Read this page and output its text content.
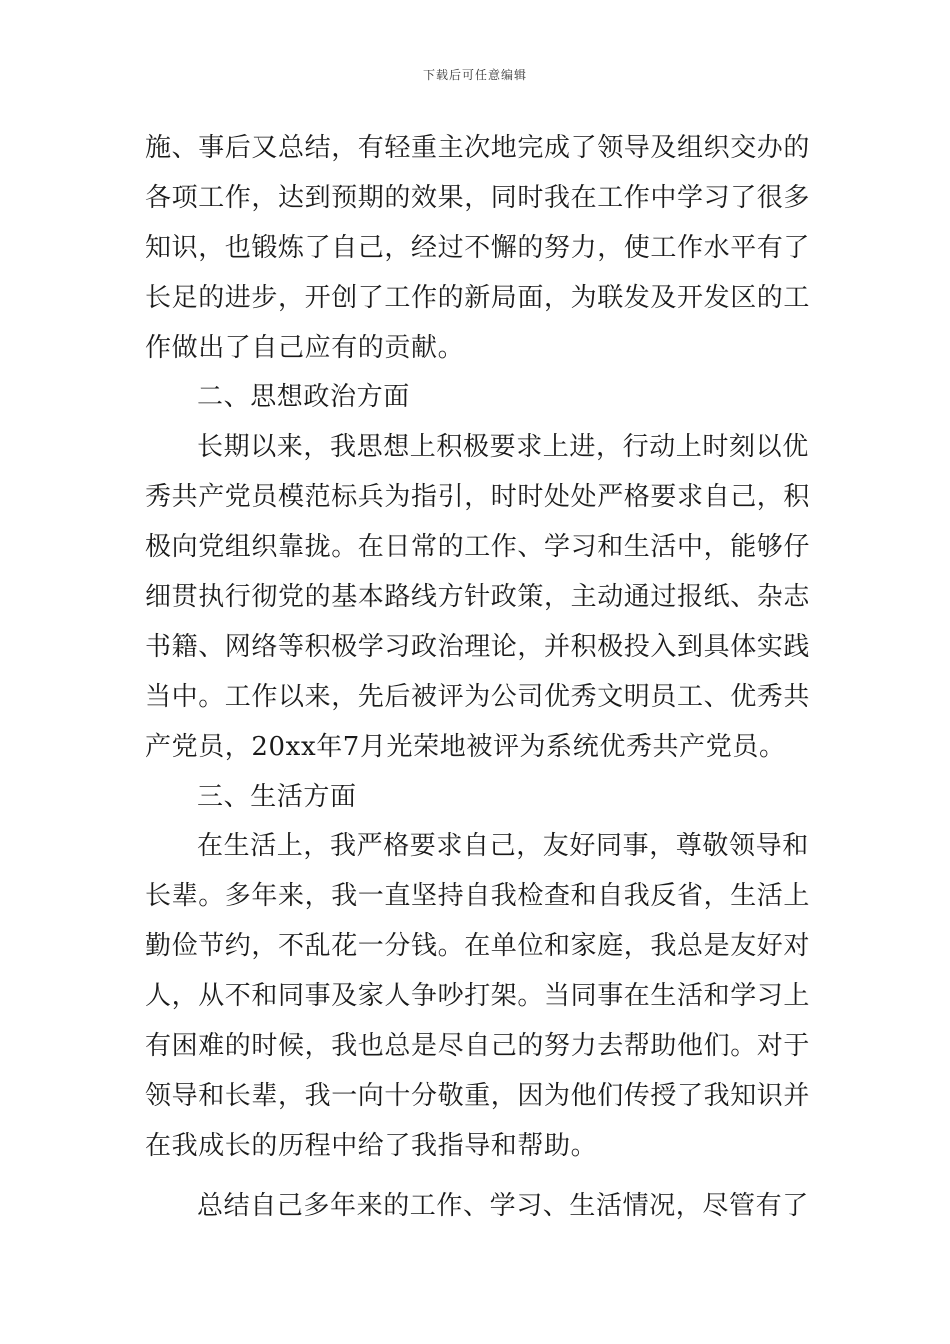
下载后可任意编辑
施、事后又总结，有轻重主次地完成了领导及组织交办的
各项工作，达到预期的效果，同时我在工作中学习了很多
知识，也锻炼了自己，经过不懈的努力，使工作水平有了
长足的进步，开创了工作的新局面，为联发及开发区的工
作做出了自己应有的贡献。
二、思想政治方面
长期以来，我思想上积极要求上进，行动上时刻以优
秀共产党员模范标兵为指引，时时处处严格要求自己，积
极向党组织靠拢。在日常的工作、学习和生活中，能够仔
细贯执行彻党的基本路线方针政策，主动通过报纸、杂志
书籍、网络等积极学习政治理论，并积极投入到具体实践
当中。工作以来，先后被评为公司优秀文明员工、优秀共
产党员，20xx年7月光荣地被评为系统优秀共产党员。
三、生活方面
在生活上，我严格要求自己，友好同事，尊敬领导和
长辈。多年来，我一直坚持自我检查和自我反省，生活上
勤俭节约，不乱花一分钱。在单位和家庭，我总是友好对
人，从不和同事及家人争吵打架。当同事在生活和学习上
有困难的时候，我也总是尽自己的努力去帮助他们。对于
领导和长辈，我一向十分敬重，因为他们传授了我知识并
在我成长的历程中给了我指导和帮助。
总结自己多年来的工作、学习、生活情况，尽管有了
